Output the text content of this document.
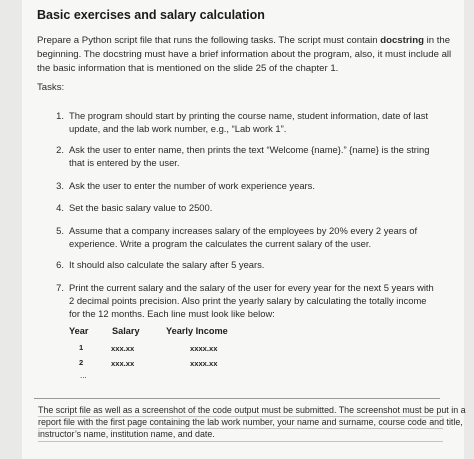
Basic exercises and salary calculation
Prepare a Python script file that runs the following tasks. The script must contain docstring in the beginning. The docstring must have a brief information about the program, also, it must include all the basic information that is mentioned on the slide 25 of the chapter 1.
Tasks:
1. The program should start by printing the course name, student information, date of last update, and the lab work number, e.g., “Lab work 1”.
2. Ask the user to enter name, then prints the text “Welcome {name}.” {name} is the string that is entered by the user.
3. Ask the user to enter the number of work experience years.
4. Set the basic salary value to 2500.
5. Assume that a company increases salary of the employees by 20% every 2 years of experience. Write a program the calculates the current salary of the user.
6. It should also calculate the salary after 5 years.
7. Print the current salary and the salary of the user for every year for the next 5 years with 2 decimal points precision. Also print the yearly salary by calculating the totally income for the 12 months. Each line must look like below:
Year	Salary	Yearly Income
1	xxx.xx	xxxx.xx
2	xxx.xx	xxxx.xx
...
The script file as well as a screenshot of the code output must be submitted. The screenshot must be put in a
report file with the first page containing the lab work number, your name and surname, course code and title,
instructor’s name, institution name, and date.
